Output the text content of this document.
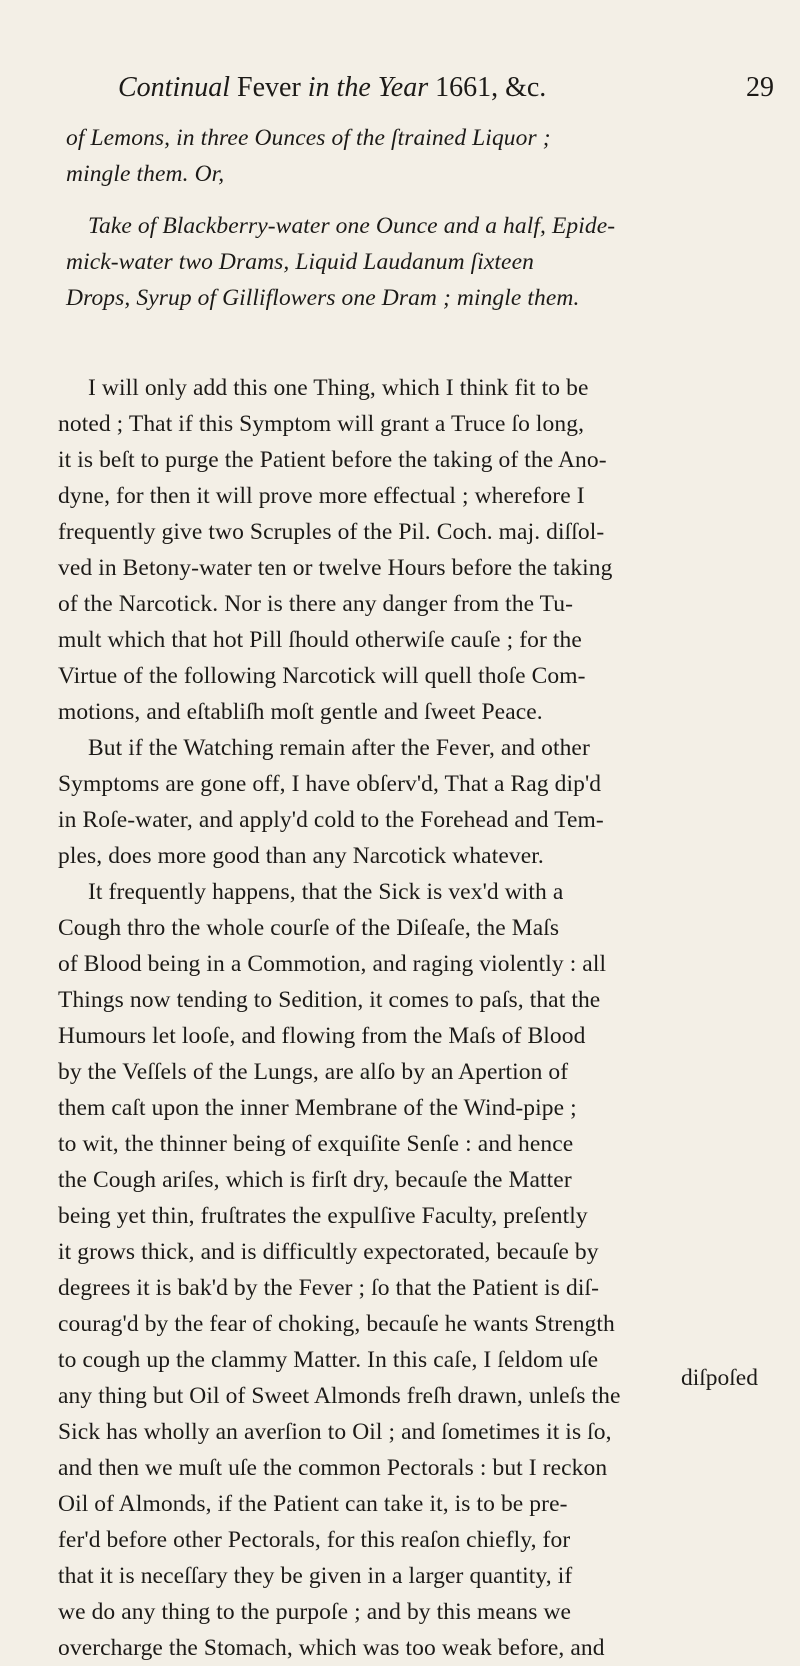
Continual Fever in the Year 1661, &c.	29
of Lemons, in three Ounces of the ſtrained Liquor ;
mingle them. Or,
Take of Blackberry-water one Ounce and a half, Epide-
mick-water two Drams, Liquid Laudanum ſixteen
Drops, Syrup of Gilliflowers one Dram ; mingle them.
I will only add this one Thing, which I think fit to be
noted ; That if this Symptom will grant a Truce ſo long,
it is beſt to purge the Patient before the taking of the Ano-
dyne, for then it will prove more effectual ; wherefore I
frequently give two Scruples of the Pil. Coch. maj. diſſol-
ved in Betony-water ten or twelve Hours before the taking
of the Narcotick. Nor is there any danger from the Tu-
mult which that hot Pill ſhould otherwiſe cauſe ; for the
Virtue of the following Narcotick will quell thoſe Com-
motions, and eſtabliſh moſt gentle and ſweet Peace.
But if the Watching remain after the Fever, and other
Symptoms are gone off, I have obſerv'd, That a Rag dip'd
in Roſe-water, and apply'd cold to the Forehead and Tem-
ples, does more good than any Narcotick whatever.
It frequently happens, that the Sick is vex'd with a
Cough thro the whole courſe of the Diſeaſe, the Maſs
of Blood being in a Commotion, and raging violently : all
Things now tending to Sedition, it comes to paſs, that the
Humours let looſe, and flowing from the Maſs of Blood
by the Veſſels of the Lungs, are alſo by an Apertion of
them caſt upon the inner Membrane of the Wind-pipe ;
to wit, the thinner being of exquiſite Senſe : and hence
the Cough ariſes, which is firſt dry, becauſe the Matter
being yet thin, fruſtrates the expulſive Faculty, preſently
it grows thick, and is difficultly expectorated, becauſe by
degrees it is bak'd by the Fever ; ſo that the Patient is diſ-
courag'd by the fear of choking, becauſe he wants Strength
to cough up the clammy Matter. In this caſe, I ſeldom uſe
any thing but Oil of Sweet Almonds freſh drawn, unleſs the
Sick has wholly an averſion to Oil ; and ſometimes it is ſo,
and then we muſt uſe the common Pectorals : but I reckon
Oil of Almonds, if the Patient can take it, is to be pre-
fer'd before other Pectorals, for this reaſon chiefly, for
that it is neceſſary they be given in a larger quantity, if
we do any thing to the purpoſe ; and by this means we
overcharge the Stomach, which was too weak before, and
diſpoſed
